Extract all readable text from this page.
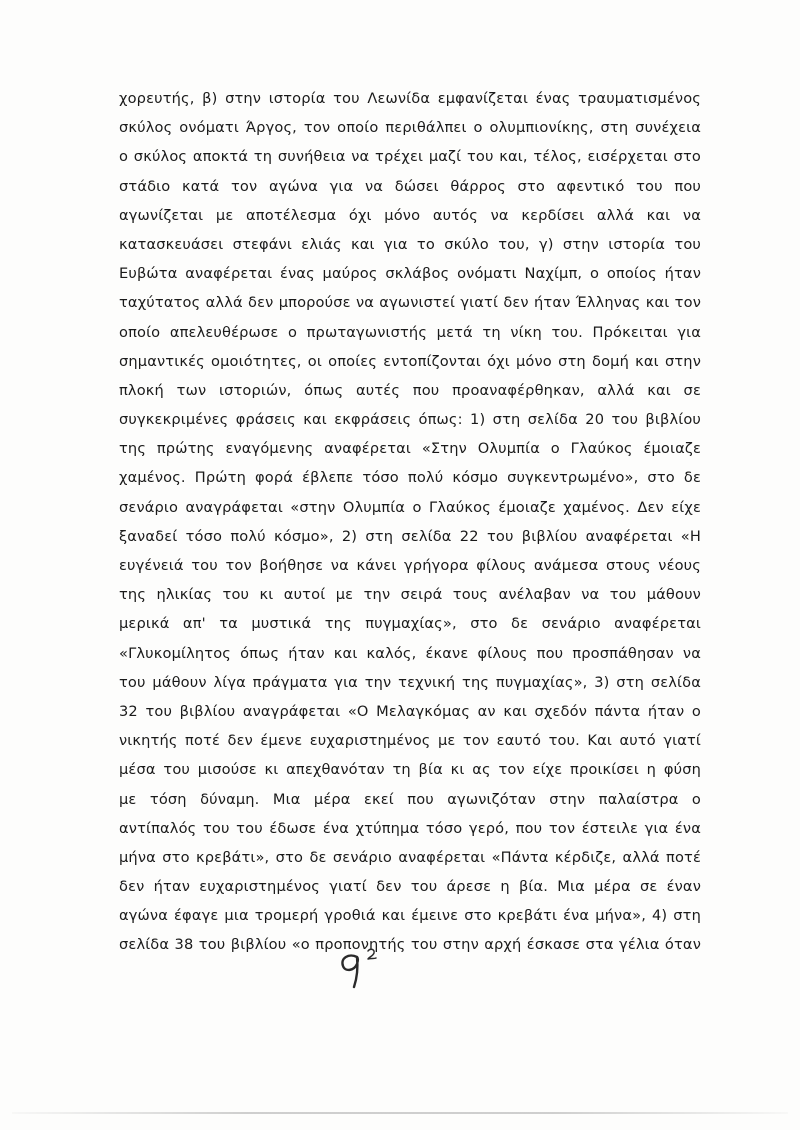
χορευτής, β) στην ιστορία του Λεωνίδα εμφανίζεται ένας τραυματισμένος
σκύλος ονόματι Άργος, τον οποίο περιθάλπει ο ολυμπιονίκης, στη συνέχεια
ο σκύλος αποκτά τη συνήθεια να τρέχει μαζί του και, τέλος, εισέρχεται στο
στάδιο κατά τον αγώνα για να δώσει θάρρος στο αφεντικό του που
αγωνίζεται με αποτέλεσμα όχι μόνο αυτός να κερδίσει αλλά και να
κατασκευάσει στεφάνι ελιάς και για το σκύλο του, γ) στην ιστορία του
Ευβώτα αναφέρεται ένας μαύρος σκλάβος ονόματι Ναχίμπ, ο οποίος ήταν
ταχύτατος αλλά δεν μπορούσε να αγωνιστεί γιατί δεν ήταν Έλληνας και τον
οποίο απελευθέρωσε ο πρωταγωνιστής μετά τη νίκη του. Πρόκειται για
σημαντικές ομοιότητες, οι οποίες εντοπίζονται όχι μόνο στη δομή και στην
πλοκή των ιστοριών, όπως αυτές που προαναφέρθηκαν, αλλά και σε
συγκεκριμένες φράσεις και εκφράσεις όπως: 1) στη σελίδα 20 του βιβλίου
της πρώτης εναγόμενης αναφέρεται «Στην Ολυμπία ο Γλαύκος έμοιαζε
χαμένος. Πρώτη φορά έβλεπε τόσο πολύ κόσμο συγκεντρωμένο», στο δε
σενάριο αναγράφεται «στην Ολυμπία ο Γλαύκος έμοιαζε χαμένος. Δεν είχε
ξαναδεί τόσο πολύ κόσμο», 2) στη σελίδα 22 του βιβλίου αναφέρεται «Η
ευγένειά του τον βοήθησε να κάνει γρήγορα φίλους ανάμεσα στους νέους
της ηλικίας του κι αυτοί με την σειρά τους ανέλαβαν να του μάθουν
μερικά απ' τα μυστικά της πυγμαχίας», στο δε σενάριο αναφέρεται
«Γλυκομίλητος όπως ήταν και καλός, έκανε φίλους που προσπάθησαν να
του μάθουν λίγα πράγματα για την τεχνική της πυγμαχίας», 3) στη σελίδα
32 του βιβλίου αναγράφεται «Ο Μελαγκόμας αν και σχεδόν πάντα ήταν ο
νικητής ποτέ δεν έμενε ευχαριστημένος με τον εαυτό του. Και αυτό γιατί
μέσα του μισούσε κι απεχθανόταν τη βία κι ας τον είχε προικίσει η φύση
με τόση δύναμη. Μια μέρα εκεί που αγωνιζόταν στην παλαίστρα ο
αντίπαλός του του έδωσε ένα χτύπημα τόσο γερό, που τον έστειλε για ένα
μήνα στο κρεβάτι», στο δε σενάριο αναφέρεται «Πάντα κέρδιζε, αλλά ποτέ
δεν ήταν ευχαριστημένος γιατί δεν του άρεσε η βία. Μια μέρα σε έναν
αγώνα έφαγε μια τρομερή γροθιά και έμεινε στο κρεβάτι ένα μήνα», 4) στη
σελίδα 38 του βιβλίου «ο προπονητής του στην αρχή έσκασε στα γέλια όταν
